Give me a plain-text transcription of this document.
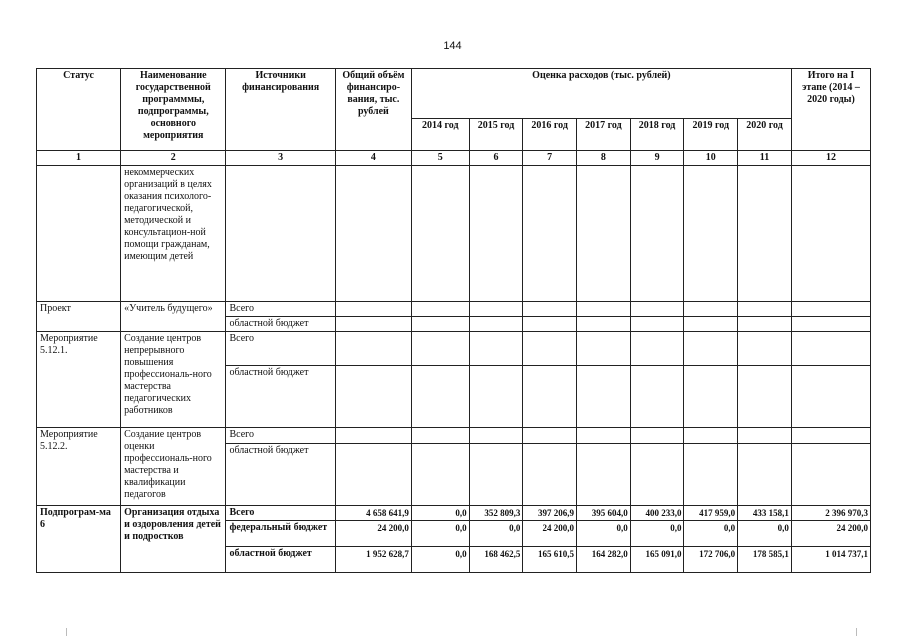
144
Статус	Наименование государственной программмы, подпрограммы, основного мероприятия	Источники финансирования	Общий объём финансиро-вания, тыс. рублей	Оценка расходов (тыс. рублей)							Итого на I этапе (2014 – 2020 годы)
				2014 год	2015 год	2016 год	2017 год	2018 год	2019 год	2020 год	
1	2	3	4	5	6	7	8	9	10	11	12
	некоммерческих организаций в целях оказания психолого-педагогической, методической и консультацион-ной помощи гражданам, имеющим детей										
Проект	«Учитель будущего»	Всего									
		областной бюджет									
Мероприятие 5.12.1.	Создание центров непрерывного повышения профессиональ-ного мастерства педагогических работников	Всего									
		областной бюджет									
Мероприятие 5.12.2.	Создание центров оценки профессиональ-ного мастерства и квалификации педагогов	Всего									
		областной бюджет									
Подпрограм-ма 6	Организация отдыха и оздоровления детей и подростков	Всего	4 658 641,9	0,0	352 809,3	397 206,9	395 604,0	400 233,0	417 959,0	433 158,1	2 396 970,3
		федеральный бюджет	24 200,0	0,0	0,0	24 200,0	0,0	0,0	0,0	0,0	24 200,0
		областной бюджет	1 952 628,7	0,0	168 462,5	165 610,5	164 282,0	165 091,0	172 706,0	178 585,1	1 014 737,1
